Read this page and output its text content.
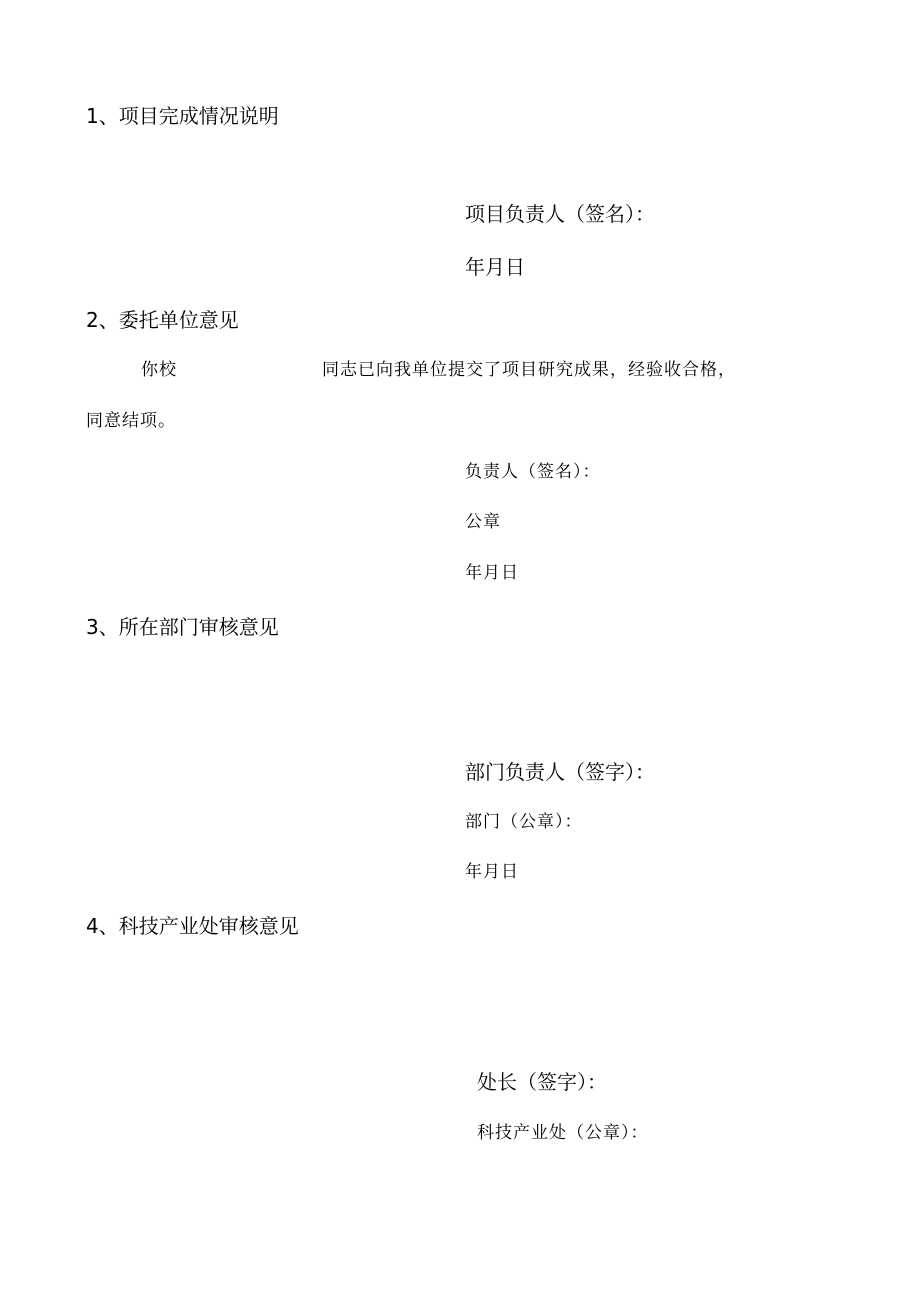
1、项目完成情况说明
项目负责人（签名）：
年月日
2、委托单位意见
你校	同志已向我单位提交了项目研究成果，经验收合格，
同意结项。
负责人（签名）：
公章
年月日
3、所在部门审核意见
部门负责人（签字）：
部门（公章）：
年月日
4、科技产业处审核意见
处长（签字）：
科技产业处（公章）：
